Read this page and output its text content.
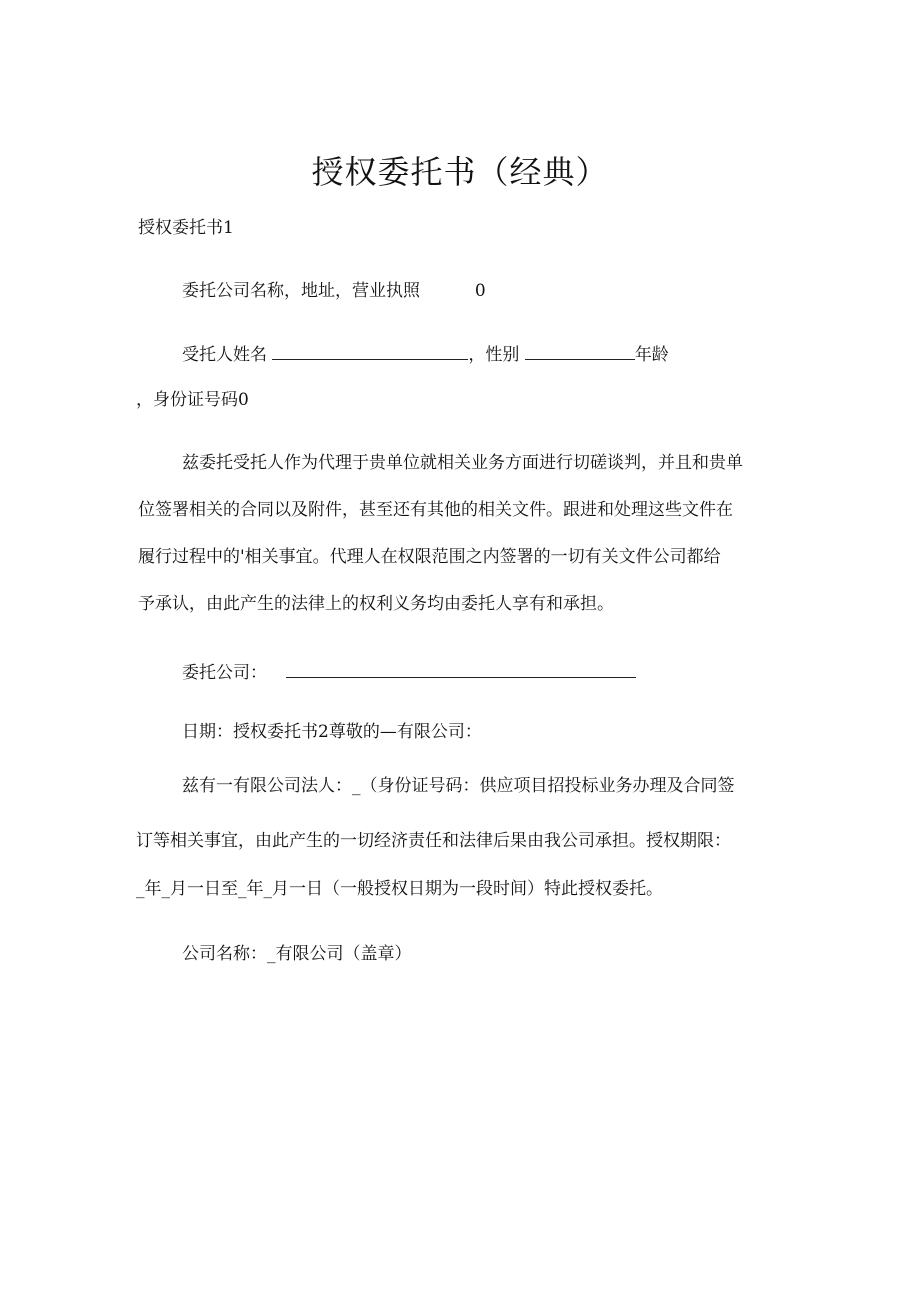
授权委托书（经典）
授权委托书1
委托公司名称，地址，营业执照	0
受托人姓名	，性别	年龄
，身份证号码0
兹委托受托人作为代理于贵单位就相关业务方面进行切磋谈判，并且和贵单
位签署相关的合同以及附件，甚至还有其他的相关文件。跟进和处理这些文件在
履行过程中的'相关事宜。代理人在权限范围之内签署的一切有关文件公司都给
予承认，由此产生的法律上的权利义务均由委托人享有和承担。
委托公司：
日期：授权委托书2尊敬的—有限公司：
兹有一有限公司法人：_（身份证号码：供应项目招投标业务办理及合同签
订等相关事宜，由此产生的一切经济责任和法律后果由我公司承担。授权期限：
_年_月一日至_年_月一日（一般授权日期为一段时间）特此授权委托。
公司名称：_有限公司（盖章）
